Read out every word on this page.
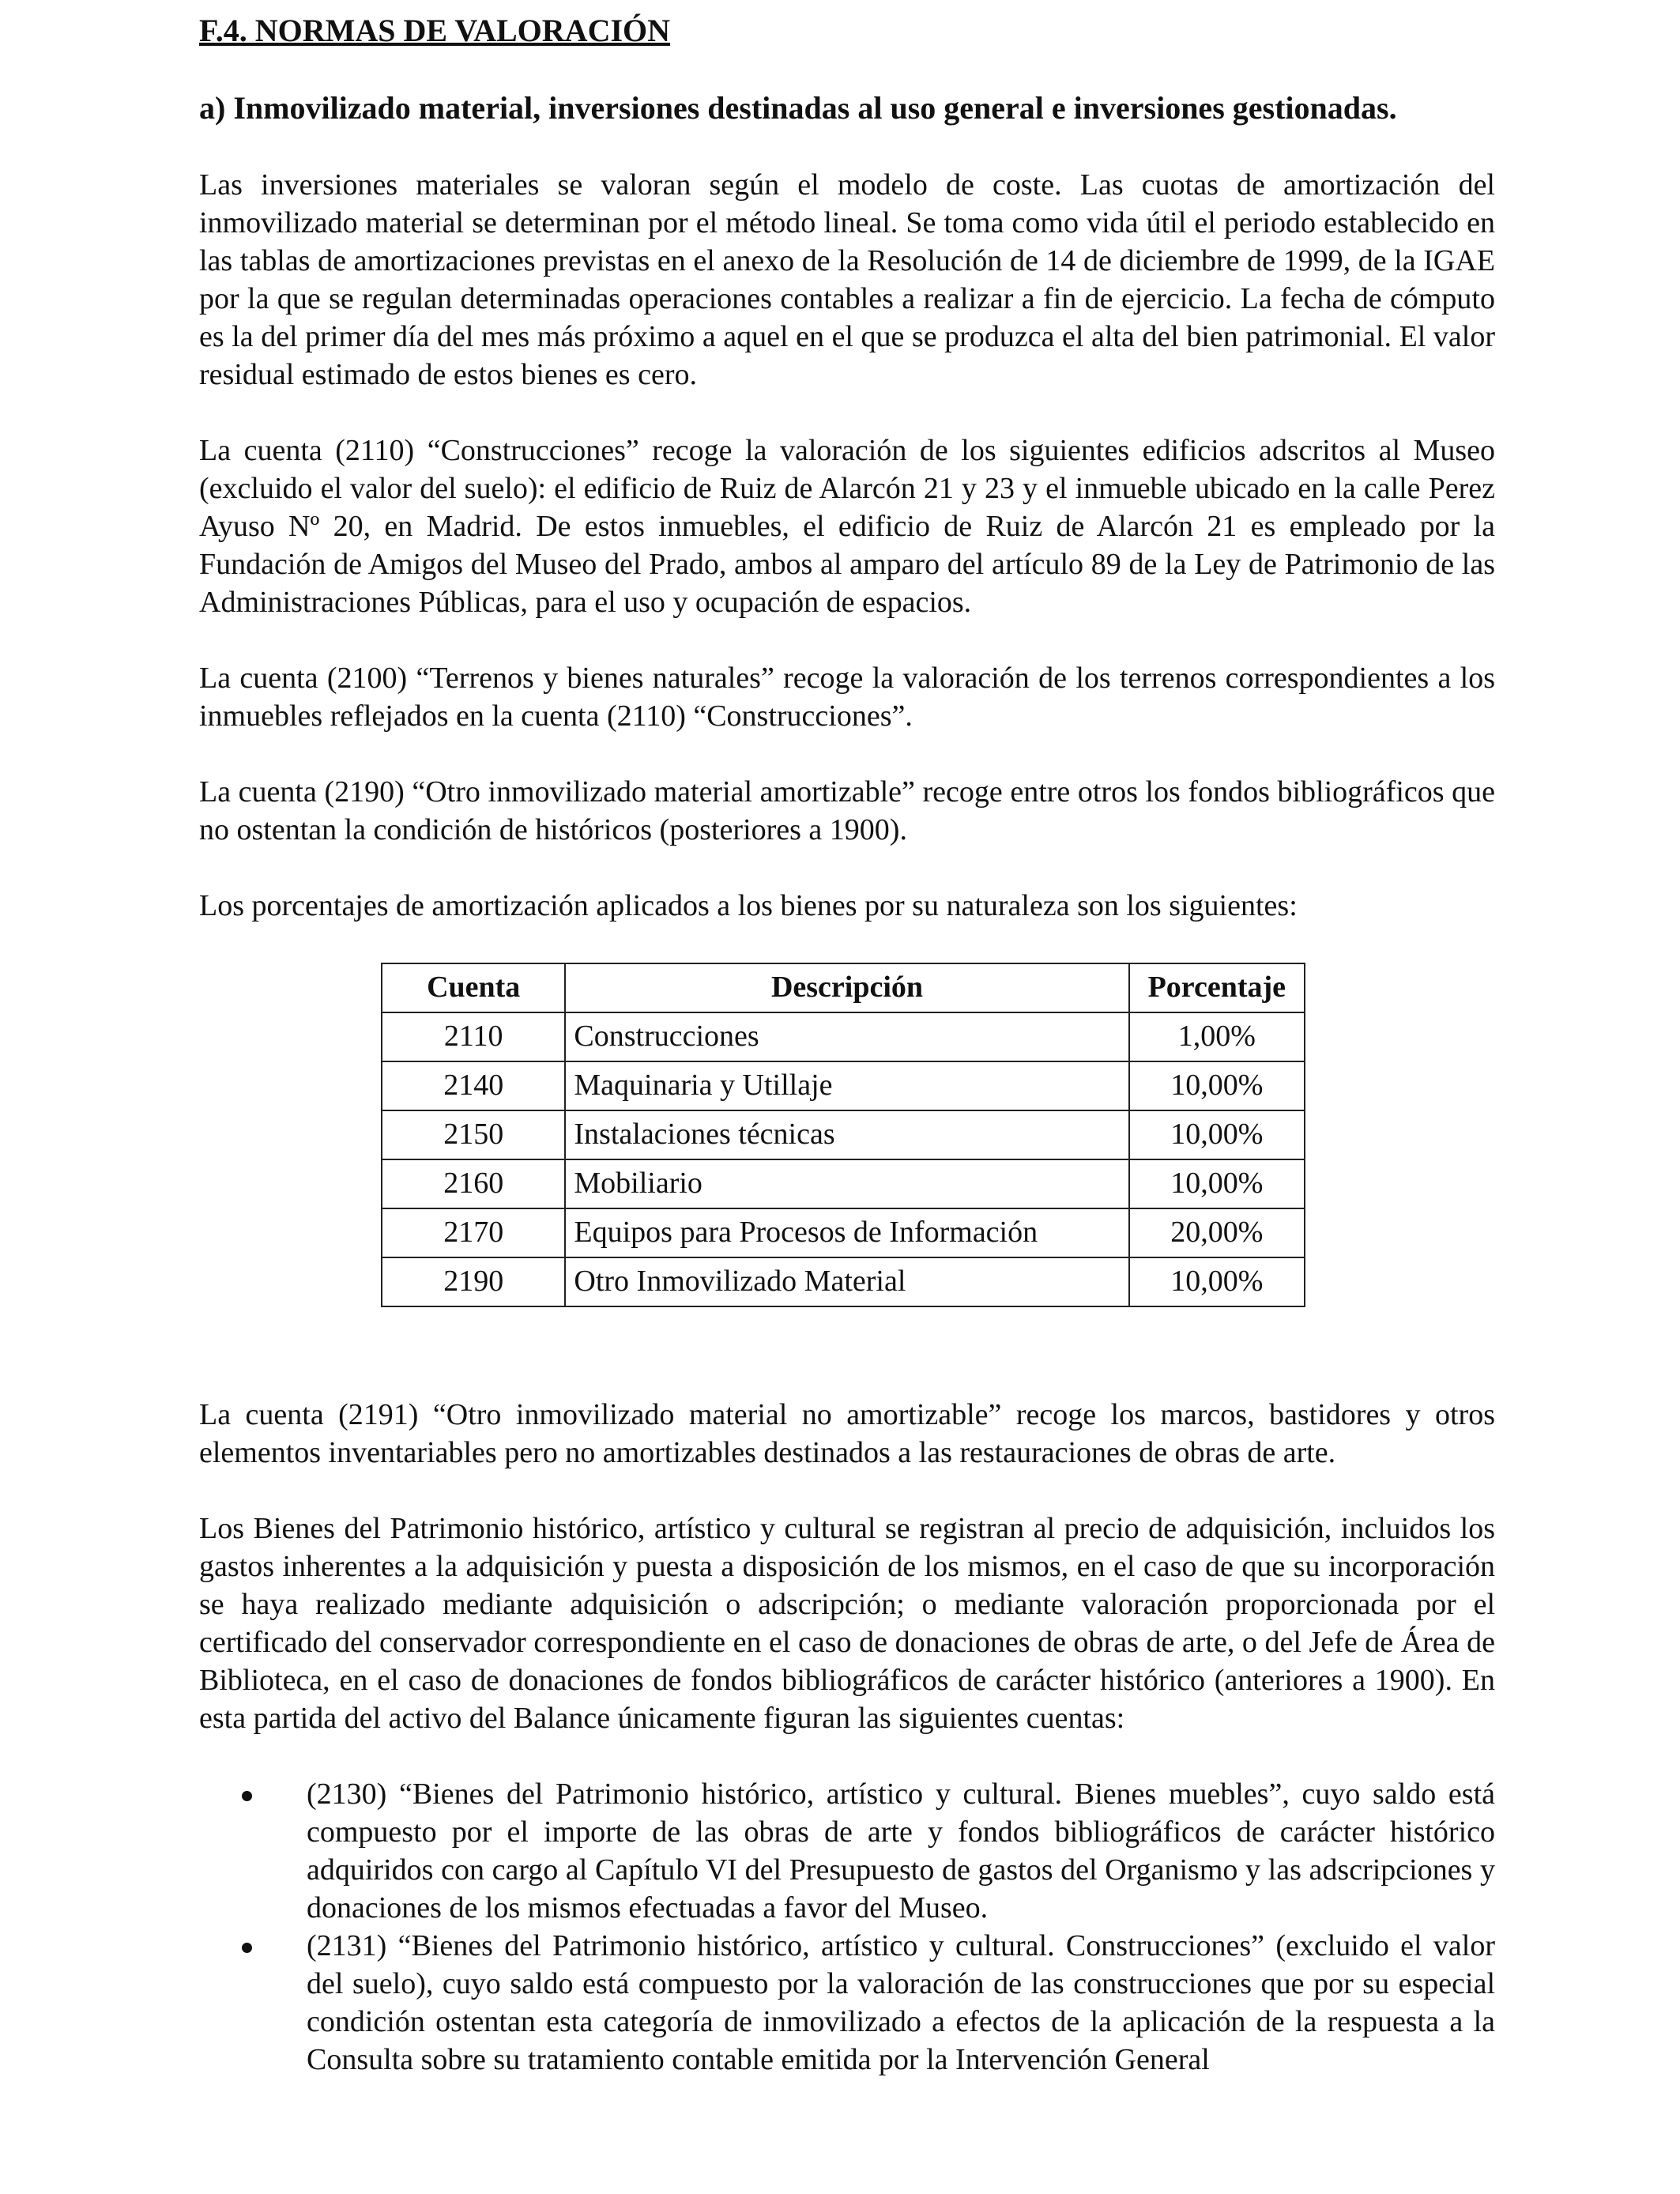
F.4. NORMAS DE VALORACIÓN
a) Inmovilizado material, inversiones destinadas al uso general e inversiones gestionadas.

Las inversiones materiales se valoran según el modelo de coste. Las cuotas de amortización del inmovilizado material se determinan por el método lineal. Se toma como vida útil el periodo establecido en las tablas de amortizaciones previstas en el anexo de la Resolución de 14 de diciembre de 1999, de la IGAE por la que se regulan determinadas operaciones contables a realizar a fin de ejercicio. La fecha de cómputo es la del primer día del mes más próximo a aquel en el que se produzca el alta del bien patrimonial. El valor residual estimado de estos bienes es cero.

La cuenta (2110) “Construcciones” recoge la valoración de los siguientes edificios adscritos al Museo (excluido el valor del suelo): el edificio de Ruiz de Alarcón 21 y 23 y el inmueble ubicado en la calle Perez Ayuso Nº 20, en Madrid. De estos inmuebles, el edificio de Ruiz de Alarcón 21 es empleado por la Fundación de Amigos del Museo del Prado, ambos al amparo del artículo 89 de la Ley de Patrimonio de las Administraciones Públicas, para el uso y ocupación de espacios.

La cuenta (2100) “Terrenos y bienes naturales” recoge la valoración de los terrenos correspondientes a los inmuebles reflejados en la cuenta (2110) “Construcciones”.

La cuenta (2190) “Otro inmovilizado material amortizable” recoge entre otros los fondos bibliográficos que no ostentan la condición de históricos (posteriores a 1900).

Los porcentajes de amortización aplicados a los bienes por su naturaleza son los siguientes:

Cuenta	Descripción	Porcentaje
2110	Construcciones	1,00%
2140	Maquinaria y Utillaje	10,00%
2150	Instalaciones técnicas	10,00%
2160	Mobiliario	10,00%
2170	Equipos para Procesos de Información	20,00%
2190	Otro Inmovilizado Material	10,00%

La cuenta (2191) “Otro inmovilizado material no amortizable” recoge los marcos, bastidores y otros elementos inventariables pero no amortizables destinados a las restauraciones de obras de arte.

Los Bienes del Patrimonio histórico, artístico y cultural se registran al precio de adquisición, incluidos los gastos inherentes a la adquisición y puesta a disposición de los mismos, en el caso de que su incorporación se haya realizado mediante adquisición o adscripción; o mediante valoración proporcionada por el certificado del conservador correspondiente en el caso de donaciones de obras de arte, o del Jefe de Área de Biblioteca, en el caso de donaciones de fondos bibliográficos de carácter histórico (anteriores a 1900). En esta partida del activo del Balance únicamente figuran las siguientes cuentas:

(2130) “Bienes del Patrimonio histórico, artístico y cultural. Bienes muebles”, cuyo saldo está compuesto por el importe de las obras de arte y fondos bibliográficos de carácter histórico adquiridos con cargo al Capítulo VI del Presupuesto de gastos del Organismo y las adscripciones y donaciones de los mismos efectuadas a favor del Museo.
(2131) “Bienes del Patrimonio histórico, artístico y cultural. Construcciones” (excluido el valor del suelo), cuyo saldo está compuesto por la valoración de las construcciones que por su especial condición ostentan esta categoría de inmovilizado a efectos de la aplicación de la respuesta a la Consulta sobre su tratamiento contable emitida por la Intervención General
